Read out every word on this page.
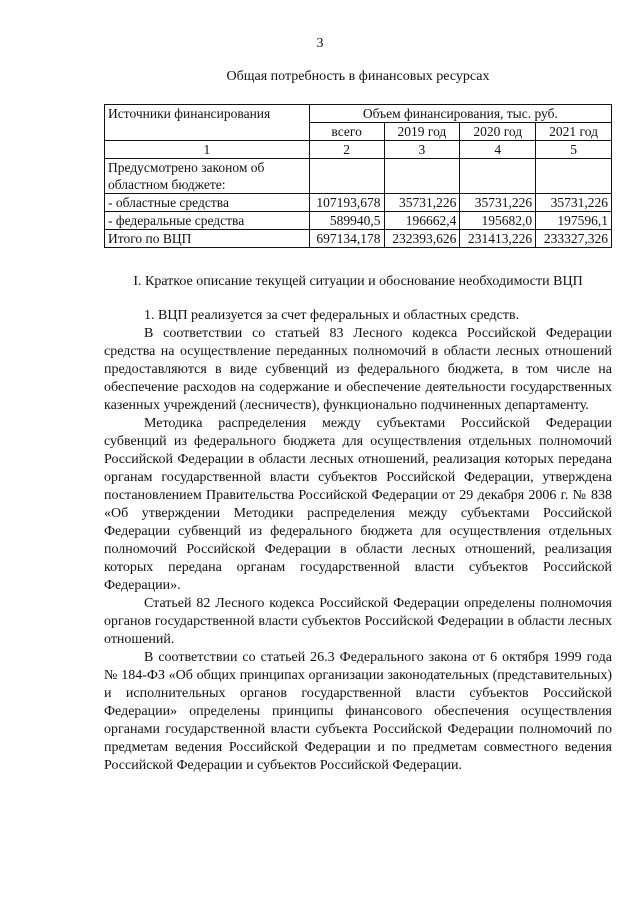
3
Общая потребность в финансовых ресурсах
Источники финансирования	Объем финансирования, тыс. руб.			
	всего	2019 год	2020 год	2021 год
1	2	3	4	5
Предусмотрено законом об областном бюджете:				
- областные средства	107193,678	35731,226	35731,226	35731,226
- федеральные средства	589940,5	196662,4	195682,0	197596,1
Итого по ВЦП	697134,178	232393,626	231413,226	233327,326
I. Краткое описание текущей ситуации и обоснование необходимости ВЦП

1. ВЦП реализуется за счет федеральных и областных средств.

В соответствии со статьей 83 Лесного кодекса Российской Федерации средства на осуществление переданных полномочий в области лесных отношений предоставляются в виде субвенций из федерального бюджета, в том числе на обеспечение расходов на содержание и обеспечение деятельности государственных казенных учреждений (лесничеств), функционально подчиненных департаменту.

Методика распределения между субъектами Российской Федерации субвенций из федерального бюджета для осуществления отдельных полномочий Российской Федерации в области лесных отношений, реализация которых передана органам государственной власти субъектов Российской Федерации, утверждена постановлением Правительства Российской Федерации от 29 декабря 2006 г. № 838 «Об утверждении Методики распределения между субъектами Российской Федерации субвенций из федерального бюджета для осуществления отдельных полномочий Российской Федерации в области лесных отношений, реализация которых передана органам государственной власти субъектов Российской Федерации».

Статьей 82 Лесного кодекса Российской Федерации определены полномочия органов государственной власти субъектов Российской Федерации в области лесных отношений.

В соответствии со статьей 26.3 Федерального закона от 6 октября 1999 года № 184-ФЗ «Об общих принципах организации законодательных (представительных) и исполнительных органов государственной власти субъектов Российской Федерации» определены принципы финансового обеспечения осуществления органами государственной власти субъекта Российской Федерации полномочий по предметам ведения Российской Федерации и по предметам совместного ведения Российской Федерации и субъектов Российской Федерации.
